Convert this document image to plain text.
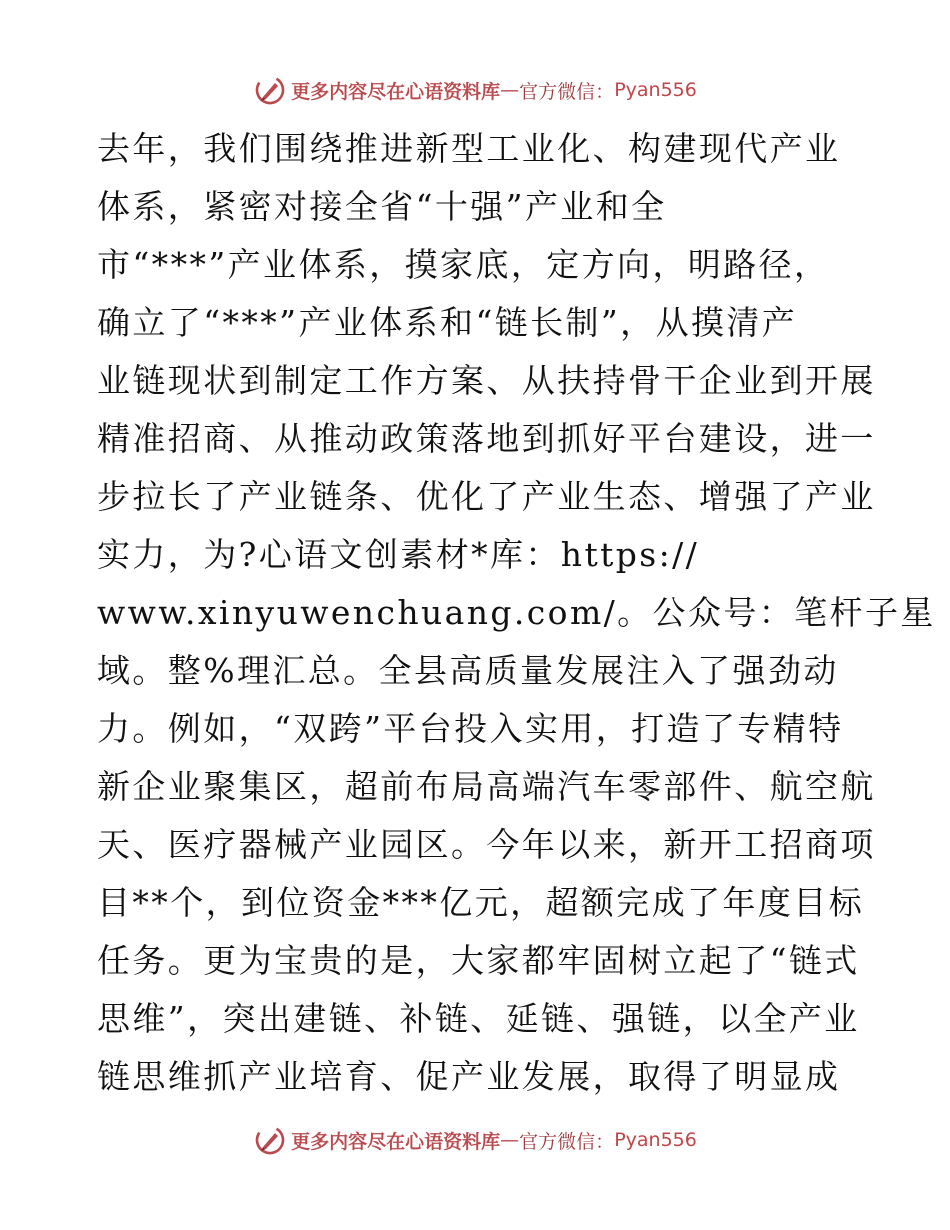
更多内容尽在心语资料库 — 官方微信： Pyan556
去年，我们围绕推进新型工业化、构建现代产业
体系，紧密对接全省“十强”产业和全
市“***”产业体系，摸家底，定方向，明路径，
确立了“***”产业体系和“链长制”，从摸清产
业链现状到制定工作方案、从扶持骨干企业到开展
精准招商、从推动政策落地到抓好平台建设，进一
步拉长了产业链条、优化了产业生态、增强了产业
实力，为?心语文创素材*库：https://
www.xinyuwenchuang.com/。公众号：笔杆子星
域。整%理汇总。全县高质量发展注入了强劲动
力。例如，“双跨”平台投入实用，打造了专精特
新企业聚集区，超前布局高端汽车零部件、航空航
天、医疗器械产业园区。今年以来，新开工招商项
目**个，到位资金***亿元，超额完成了年度目标
任务。更为宝贵的是，大家都牢固树立起了“链式
思维”，突出建链、补链、延链、强链，以全产业
链思维抓产业培育、促产业发展，取得了明显成
更多内容尽在心语资料库 — 官方微信： Pyan556
